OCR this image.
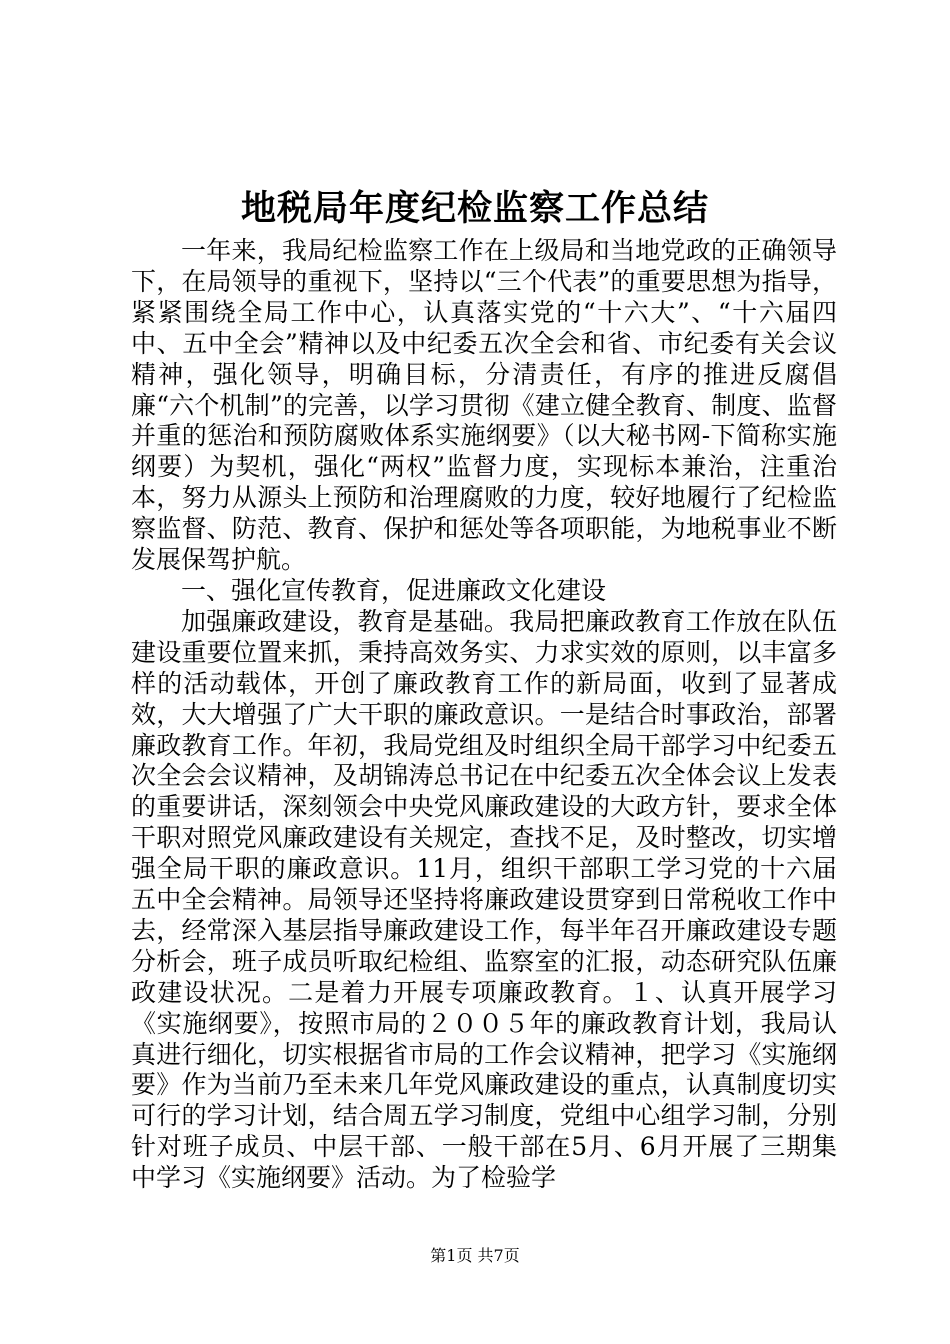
地税局年度纪检监察工作总结

一年来，我局纪检监察工作在上级局和当地党政的正确领导下，在局领导的重视下，坚持以“三个代表”的重要思想为指导，紧紧围绕全局工作中心，认真落实党的“十六大”、“十六届四中、五中全会”精神以及中纪委五次全会和省、市纪委有关会议精神，强化领导，明确目标，分清责任，有序的推进反腐倡廉“六个机制”的完善，以学习贯彻《建立健全教育、制度、监督并重的惩治和预防腐败体系实施纲要》（以大秘书网-下简称实施纲要）为契机，强化“两权”监督力度，实现标本兼治，注重治本，努力从源头上预防和治理腐败的力度，较好地履行了纪检监察监督、防范、教育、保护和惩处等各项职能，为地税事业不断发展保驾护航。

一、强化宣传教育，促进廉政文化建设

加强廉政建设，教育是基础。我局把廉政教育工作放在队伍建设重要位置来抓，秉持高效务实、力求实效的原则，以丰富多样的活动载体，开创了廉政教育工作的新局面，收到了显著成效，大大增强了广大干职的廉政意识。一是结合时事政治，部署廉政教育工作。年初，我局党组及时组织全局干部学习中纪委五次全会会议精神，及胡锦涛总书记在中纪委五次全体会议上发表的重要讲话，深刻领会中央党风廉政建设的大政方针，要求全体干职对照党风廉政建设有关规定，查找不足，及时整改，切实增强全局干职的廉政意识。11月，组织干部职工学习党的十六届五中全会精神。局领导还坚持将廉政建设贯穿到日常税收工作中去，经常深入基层指导廉政建设工作，每半年召开廉政建设专题分析会，班子成员听取纪检组、监察室的汇报，动态研究队伍廉政建设状况。二是着力开展专项廉政教育。１、认真开展学习《实施纲要》，按照市局的２００５年的廉政教育计划，我局认真进行细化，切实根据省市局的工作会议精神，把学习《实施纲要》作为当前乃至未来几年党风廉政建设的重点，认真制度切实可行的学习计划，结合周五学习制度，党组中心组学习制，分别针对班子成员、中层干部、一般干部在5月、6月开展了三期集中学习《实施纲要》活动。为了检验学

第1页 共7页
